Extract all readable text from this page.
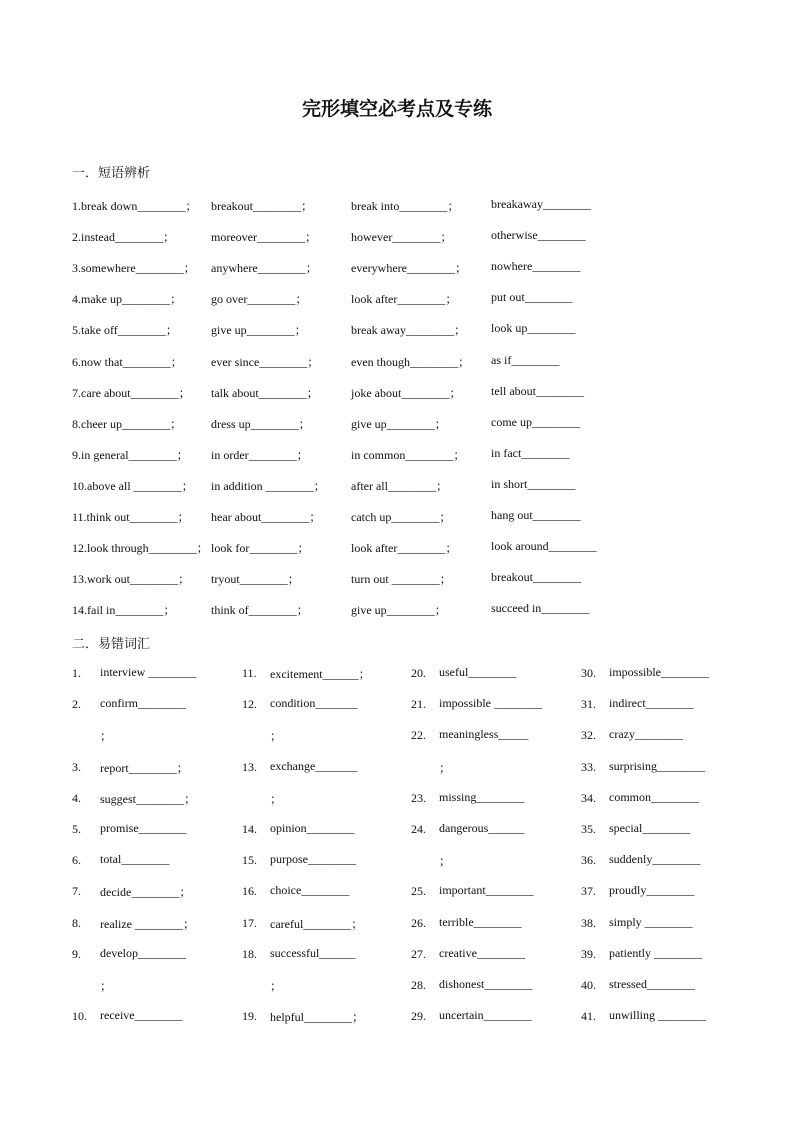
完形填空必考点及专练
一．短语辨析
1.break down________； breakout________；	break into________；	breakaway________
2.instead________；	moreover________；	however________；	otherwise________
3.somewhere________； anywhere________；	everywhere________； nowhere________
4.make up________； go over________；	look after________；	put out________
5.take off________；	give up________；	break away________； look up________
6.now that________； ever since________；	even though________； as if________
7.care about________； talk about________；	joke about________； tell about________
8.cheer up________； dress up________；	give up________；	come up________
9.in general________； in order________；	in common________； in fact________
10.above all ________； in addition ________； after all________；	in short________
11.think out________； hear about________； catch up________；	hang out________
12.look through________； look for________；	look after________；	look around________
13.work out________； tryout________；	turn out ________；	breakout________
14.fail in________；	think of________；	give up________；	succeed in________
二．易错词汇
1. interview ________
2. confirm________
；
3. report________；
4. suggest________；
5. promise________
6. total________
7. decide________；
8. realize ________；
9. develop________
；
10. receive________
11. excitement______；
12. condition_______
；
13. exchange_______
；
14. opinion________
15. purpose________
16. choice________
17. careful________；
18. successful______
；
19. helpful________；
20. useful________
21. impossible ________
22. meaningless_____
；
23. missing________
24. dangerous______
；
25. important________
26. terrible________
27. creative________
28. dishonest________
29. uncertain________
30. impossible________
31. indirect________
32. crazy________
33. surprising________
34. common________
35. special________
36. suddenly________
37. proudly________
38. simply ________
39. patiently ________
40. stressed________
41. unwilling ________
